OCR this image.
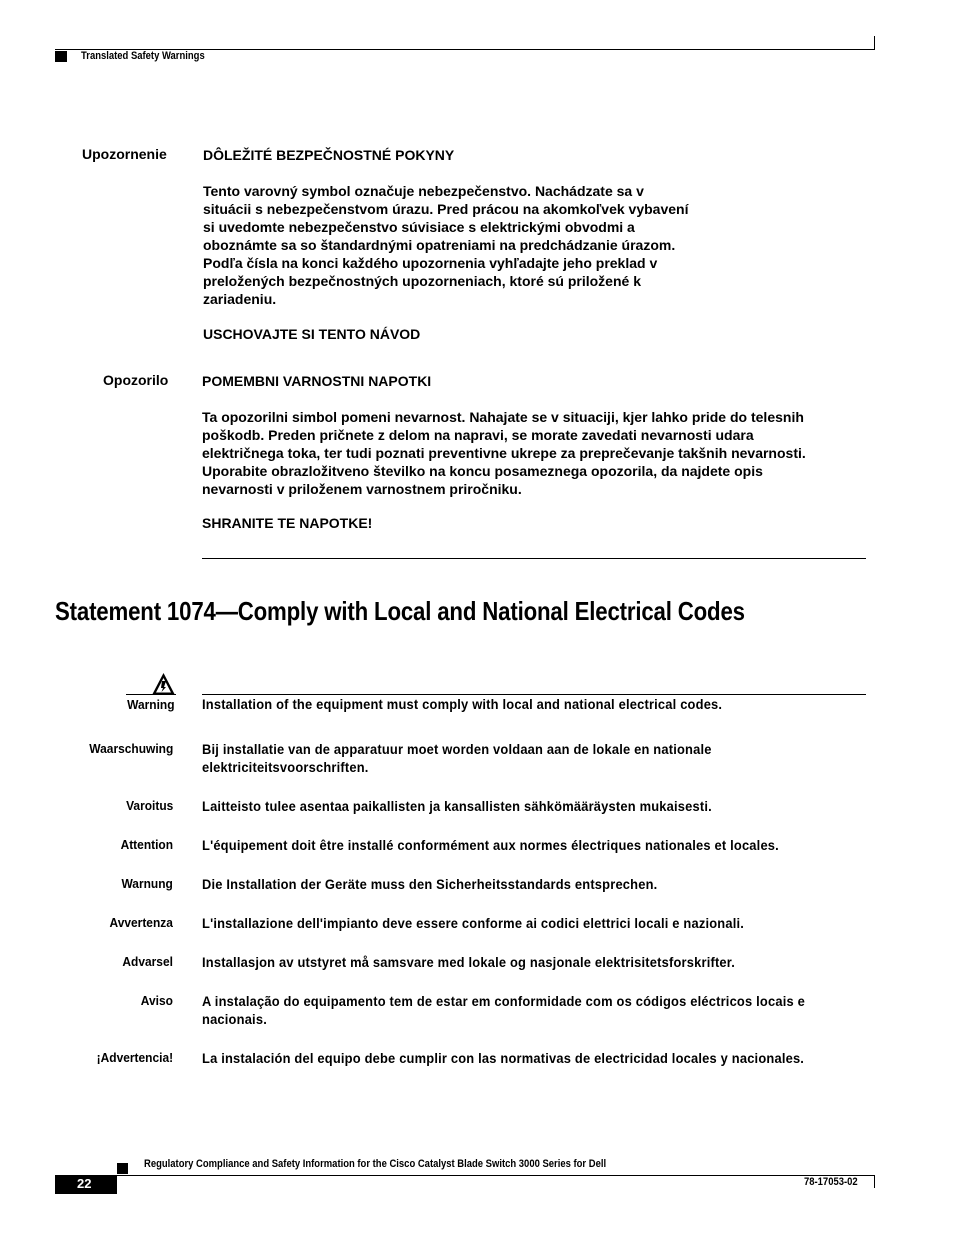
Translated Safety Warnings
Upozornenie	DÔLEŽITÉ BEZPEČNOSTNÉ POKYNY
Tento varovný symbol označuje nebezpečenstvo. Nachádzate sa v
situácii s nebezpečenstvom úrazu. Pred prácou na akomkoľvek vybavení
si uvedomte nebezpečenstvo súvisiace s elektrickými obvodmi a
oboznámte sa so štandardnými opatreniami na predchádzanie úrazom.
Podľa čísla na konci každého upozornenia vyhľadajte jeho preklad v
preložených bezpečnostných upozorneniach, ktoré sú priložené k
zariadeniu.
USCHOVAJTE SI TENTO NÁVOD
Opozorilo POMEMBNI VARNOSTNI NAPOTKI
Ta opozorilni simbol pomeni nevarnost. Nahajate se v situaciji, kjer lahko pride do telesnih
poškodb. Preden pričnete z delom na napravi, se morate zavedati nevarnosti udara
električnega toka, ter tudi poznati preventivne ukrepe za preprečevanje takšnih nevarnosti.
Uporabite obrazložitveno številko na koncu posameznega opozorila, da najdete opis
nevarnosti v priloženem varnostnem priročniku.
SHRANITE TE NAPOTKE!
Statement 1074—Comply with Local and National Electrical Codes
Warning Installation of the equipment must comply with local and national electrical codes.
Waarschuwing Bij installatie van de apparatuur moet worden voldaan aan de lokale en nationale
elektriciteitsvoorschriften.
Varoitus Laitteisto tulee asentaa paikallisten ja kansallisten sähkömääräysten mukaisesti.
Attention L'équipement doit être installé conformément aux normes électriques nationales et locales.
Warnung Die Installation der Geräte muss den Sicherheitsstandards entsprechen.
Avvertenza L'installazione dell'impianto deve essere conforme ai codici elettrici locali e nazionali.
Advarsel Installasjon av utstyret må samsvare med lokale og nasjonale elektrisitetsforskrifter.
Aviso A instalação do equipamento tem de estar em conformidade com os códigos eléctricos locais e
nacionais.
¡Advertencia! La instalación del equipo debe cumplir con las normativas de electricidad locales y nacionales.
Regulatory Compliance and Safety Information for the Cisco Catalyst Blade Switch 3000 Series for Dell
22	78-17053-02
